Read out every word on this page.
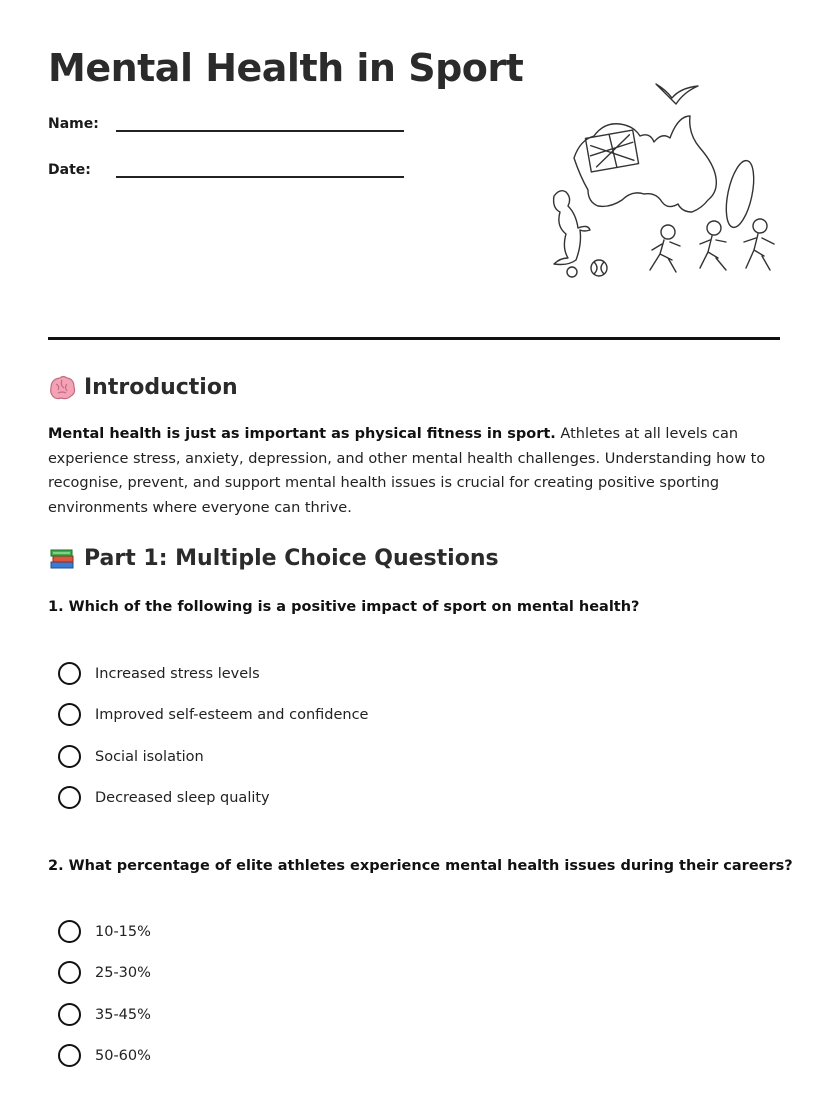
Mental Health in Sport
Name:
Date:
Introduction

Mental health is just as important as physical fitness in sport. Athletes at all levels can experience stress, anxiety, depression, and other mental health challenges. Understanding how to recognise, prevent, and support mental health issues is crucial for creating positive sporting environments where everyone can thrive.

Part 1: Multiple Choice Questions

1. Which of the following is a positive impact of sport on mental health?

Increased stress levels
Improved self-esteem and confidence
Social isolation
Decreased sleep quality

2. What percentage of elite athletes experience mental health issues during their careers?

10-15%
25-30%
35-45%
50-60%
